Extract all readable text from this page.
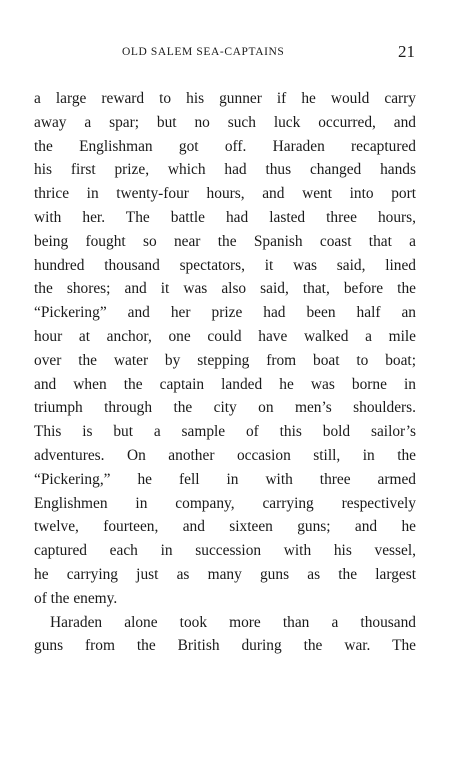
OLD SALEM SEA-CAPTAINS	21
a large reward to his gunner if he would carry
away a spar; but no such luck occurred, and
the Englishman got off. Haraden recaptured
his first prize, which had thus changed hands
thrice in twenty-four hours, and went into port
with her. The battle had lasted three hours,
being fought so near the Spanish coast that a
hundred thousand spectators, it was said, lined
the shores; and it was also said, that, before the
“Pickering” and her prize had been half an
hour at anchor, one could have walked a mile
over the water by stepping from boat to boat;
and when the captain landed he was borne in
triumph through the city on men’s shoulders.
This is but a sample of this bold sailor’s
adventures. On another occasion still, in the
“Pickering,” he fell in with three armed
Englishmen in company, carrying respectively
twelve, fourteen, and sixteen guns; and he
captured each in succession with his vessel,
he carrying just as many guns as the largest
of the enemy.
Haraden alone took more than a thousand
guns from the British during the war. The
